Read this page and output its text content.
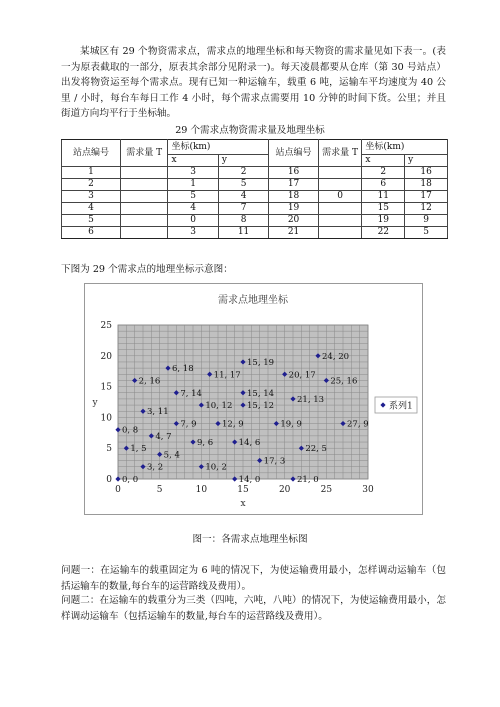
某城区有 29 个物资需求点，需求点的地理坐标和每天物资的需求量见如下表一。(表一为原表截取的一部分，原表其余部分见附录一)。每天凌晨都要从仓库（第 30 号站点）出发将物资运至每个需求点。现有已知一种运输车，载重 6 吨，运输车平均速度为 40 公里 / 小时，每台车每日工作 4 小时，每个需求点需要用 10 分钟的时间下货。公里；并且街道方向均平行于坐标轴。

29 个需求点物资需求量及地理坐标
站点编号	需求量 T	坐标(km)		站点编号	需求量 T	坐标(km)	
		x	y			x	y
1		3	2	16		2	16
2		1	5	17		6	18
3		5	4	18	0	11	17
4		4	7	19		15	12
5		0	8	20		19	9
6		3	11	21		22	5
下图为 29 个需求点的地理坐标示意图：
需求点地理坐标
0	5	10	15	20	25	30
0
5
10
15
20
25
0, 0
3, 2
1, 5
5, 4
4, 7
0, 8
3, 11
7, 9
9, 6
10, 2
14, 0
17, 3
14, 6
12, 9
10, 12
7, 14
2, 16
6, 18
11, 17
15, 12
19, 9
22, 5
21, 0
27, 9
15, 19
15, 14
20, 17
21, 13
25, 16
24, 20
x
y	系列1
图一：各需求点地理坐标图

问题一：在运输车的载重固定为 6 吨的情况下，为使运输费用最小，怎样调动运输车（包括运输车的数量,每台车的运营路线及费用）。

问题二：在运输车的载重分为三类（四吨，六吨，八吨）的情况下，为使运输费用最小，怎样调动运输车（包括运输车的数量,每台车的运营路线及费用）。
